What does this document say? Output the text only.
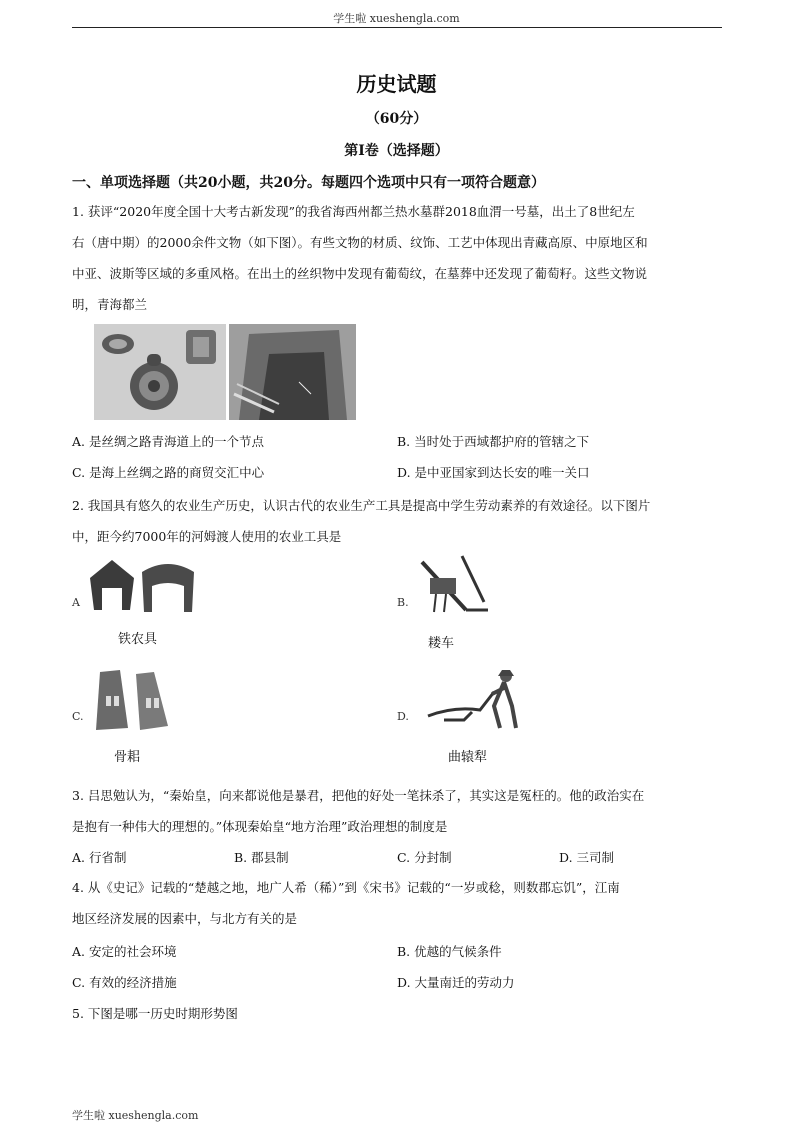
学生啦 xueshengla.com
历史试题
（60分）
第Ⅰ卷（选择题）
一、单项选择题（共20小题，共20分。每题四个选项中只有一项符合题意）
1. 获评“2020年度全国十大考古新发现”的我省海西州都兰热水墓群2018血渭一号墓，出土了8世纪左
右（唐中期）的2000余件文物（如下图）。有些文物的材质、纹饰、工艺中体现出青藏高原、中原地区和
中亚、波斯等区域的多重风格。在出土的丝织物中发现有葡萄纹，在墓葬中还发现了葡萄籽。这些文物说
明，青海都兰
A. 是丝绸之路青海道上的一个节点	B. 当时处于西域都护府的管辖之下
C. 是海上丝绸之路的商贸交汇中心	D. 是中亚国家到达长安的唯一关口
2. 我国具有悠久的农业生产历史，认识古代的农业生产工具是提高中学生劳动素养的有效途径。以下图片
中，距今约7000年的河姆渡人使用的农业工具是
A
铁农具
B.
耧车
C.
骨耜
D.
曲辕犁
3. 吕思勉认为，“秦始皇，向来都说他是暴君，把他的好处一笔抹杀了，其实这是冤枉的。他的政治实在
是抱有一种伟大的理想的。”体现秦始皇“地方治理”政治理想的制度是
A. 行省制	B. 郡县制	C. 分封制	D. 三司制
4. 从《史记》记载的“楚越之地，地广人希（稀）”到《宋书》记载的“一岁或稔，则数郡忘饥”，江南
地区经济发展的因素中，与北方有关的是
A. 安定的社会环境	B. 优越的气候条件
C. 有效的经济措施	D. 大量南迁的劳动力
5. 下图是哪一历史时期形势图
学生啦 xueshengla.com
